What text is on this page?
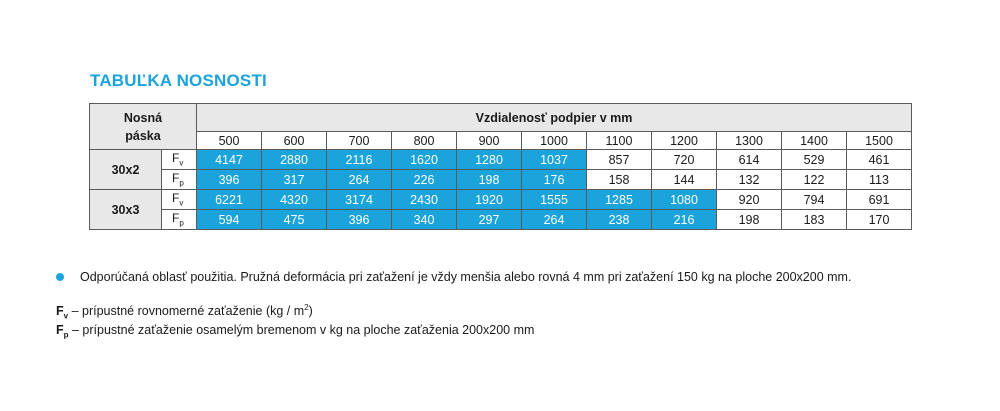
TABUĽKA NOSNOSTI
Nosná
páska		Vzdialenosť podpier v mm										
		500	600	700	800	900	1000	1100	1200	1300	1400	1500
30x2	$F_v$	4147	2880	2116	1620	1280	1037	857	720	614	529	461
	$F_p$	396	317	264	226	198	176	158	144	132	122	113
30x3	$F_v$	6221	4320	3174	2430	1920	1555	1285	1080	920	794	691
	$F_p$	594	475	396	340	297	264	238	216	198	183	170
Odporúčaná oblasť použitia. Pružná deformácia pri zaťažení je vždy menšia alebo rovná 4 mm pri zaťažení 150 kg na ploche 200x200 mm.
$F_v$ – prípustné rovnomerné zaťaženie $(kg / m^2)$
$F_p$ – prípustné zaťaženie osamelým bremenom v kg na ploche zaťaženia 200x200 mm
